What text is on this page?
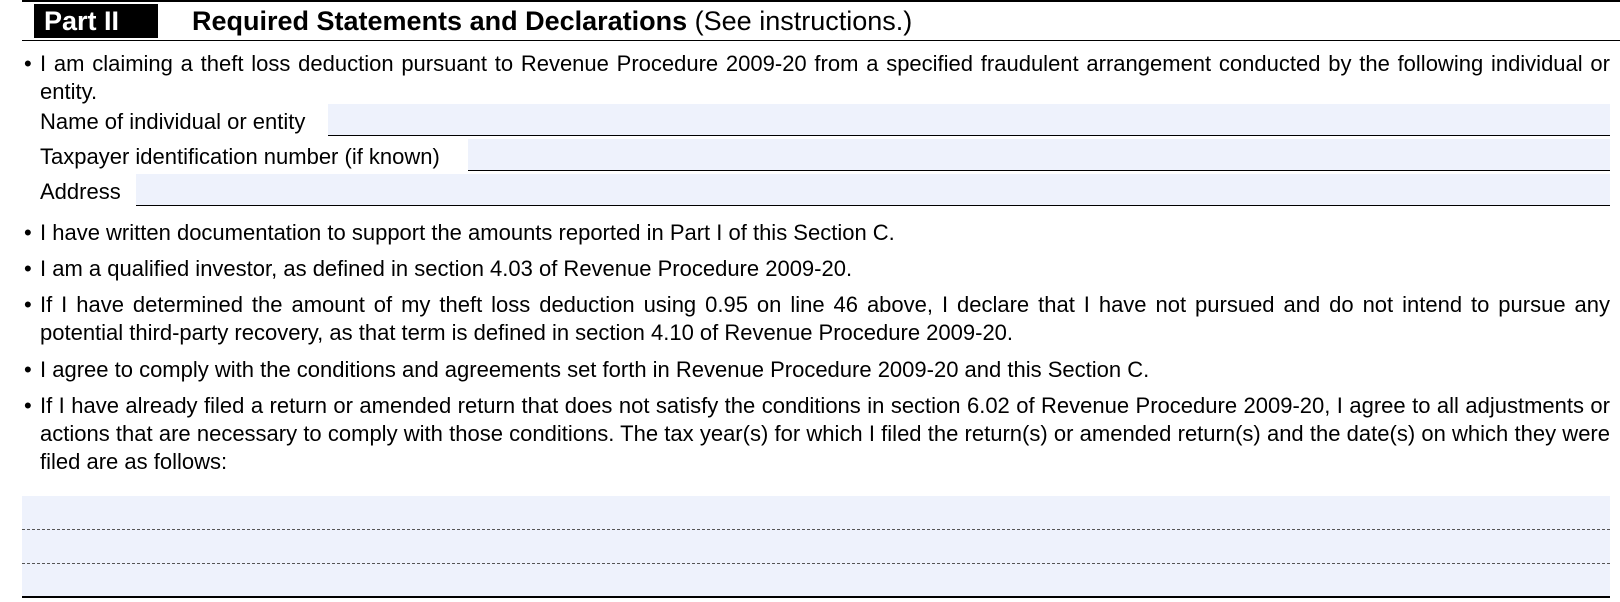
Part II	Required Statements and Declarations (See instructions.)
• I am claiming a theft loss deduction pursuant to Revenue Procedure 2009-20 from a specified fraudulent arrangement conducted by the following individual or entity.
Name of individual or entity
Taxpayer identification number (if known)
Address
• I have written documentation to support the amounts reported in Part I of this Section C.
• I am a qualified investor, as defined in section 4.03 of Revenue Procedure 2009-20.
• If I have determined the amount of my theft loss deduction using 0.95 on line 46 above, I declare that I have not pursued and do not intend to pursue any potential third-party recovery, as that term is defined in section 4.10 of Revenue Procedure 2009-20.
• I agree to comply with the conditions and agreements set forth in Revenue Procedure 2009-20 and this Section C.
• If I have already filed a return or amended return that does not satisfy the conditions in section 6.02 of Revenue Procedure 2009-20, I agree to all adjustments or actions that are necessary to comply with those conditions. The tax year(s) for which I filed the return(s) or amended return(s) and the date(s) on which they were filed are as follows:
